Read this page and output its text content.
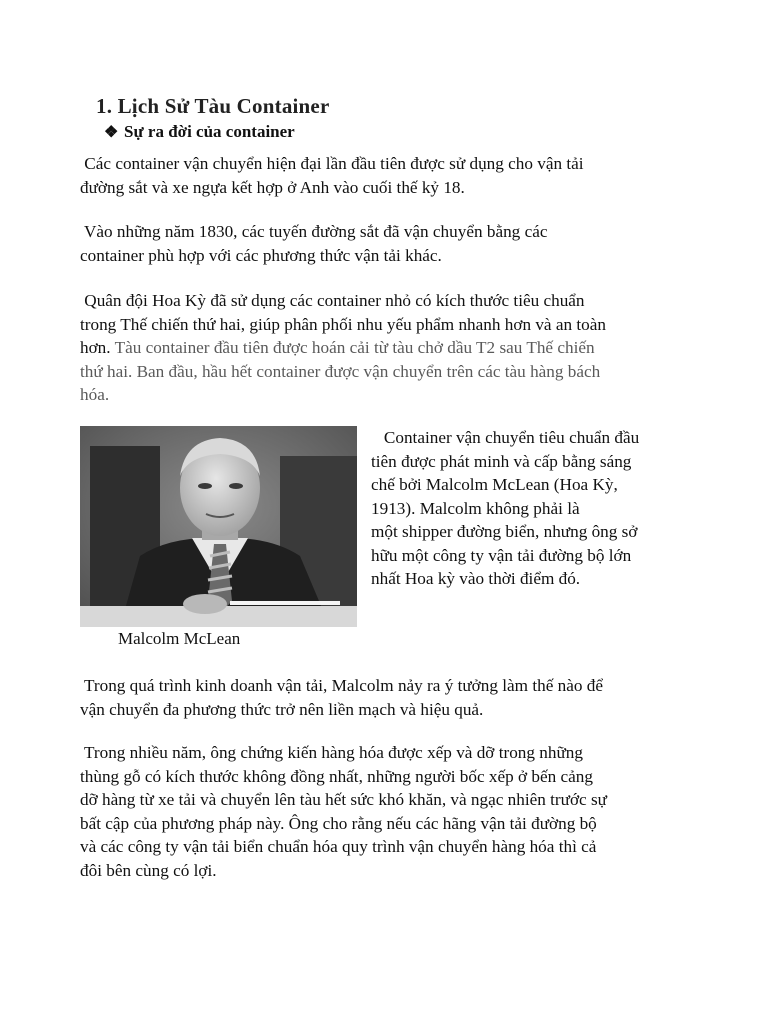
1. Lịch Sử Tàu Container
❖ Sự ra đời của container
Các container vận chuyển hiện đại lần đầu tiên được sử dụng cho vận tải
đường sắt và xe ngựa kết hợp ở Anh vào cuối thế kỷ 18.
Vào những năm 1830, các tuyến đường sắt đã vận chuyển bằng các
container phù hợp với các phương thức vận tải khác.
Quân đội Hoa Kỳ đã sử dụng các container nhỏ có kích thước tiêu chuẩn
trong Thế chiến thứ hai, giúp phân phối nhu yếu phẩm nhanh hơn và an toàn
hơn. Tàu container đầu tiên được hoán cải từ tàu chở dầu T2 sau Thế chiến
thứ hai. Ban đầu, hầu hết container được vận chuyển trên các tàu hàng bách
hóa.
Malcolm McLean
Container vận chuyển tiêu chuẩn đầu
tiên được phát minh và cấp bằng sáng
chế bởi Malcolm McLean (Hoa Kỳ,
1913). Malcolm không phải là
một shipper đường biển, nhưng ông sở
hữu một công ty vận tải đường bộ lớn
nhất Hoa kỳ vào thời điểm đó.
Trong quá trình kinh doanh vận tải, Malcolm nảy ra ý tưởng làm thế nào để
vận chuyển đa phương thức trở nên liền mạch và hiệu quả.
Trong nhiều năm, ông chứng kiến hàng hóa được xếp và dỡ trong những
thùng gỗ có kích thước không đồng nhất, những người bốc xếp ở bến cảng
dỡ hàng từ xe tải và chuyển lên tàu hết sức khó khăn, và ngạc nhiên trước sự
bất cập của phương pháp này. Ông cho rằng nếu các hãng vận tải đường bộ
và các công ty vận tải biển chuẩn hóa quy trình vận chuyển hàng hóa thì cả
đôi bên cùng có lợi.
